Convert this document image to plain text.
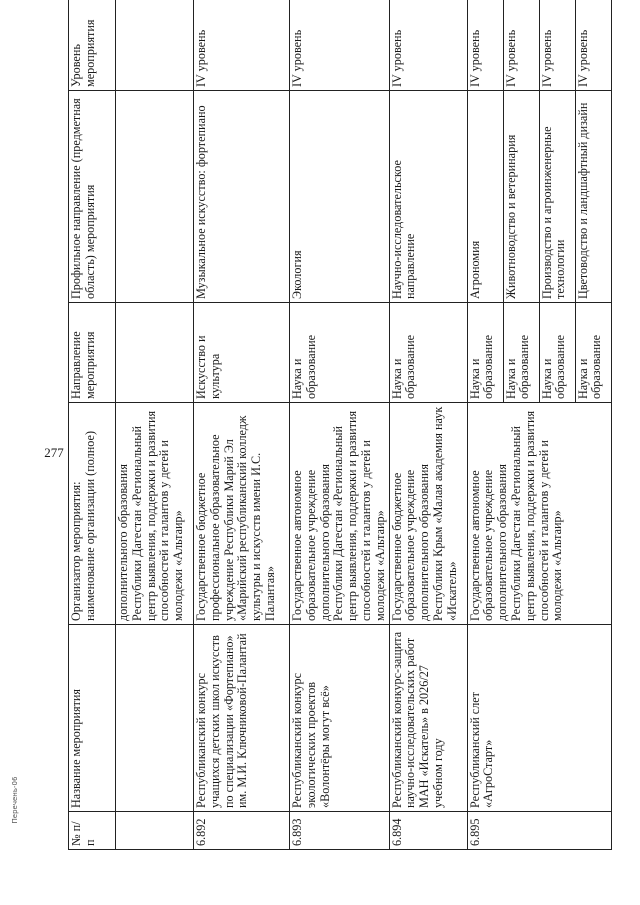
277
Перечень-06
№ п/п	Название мероприятия	Организатор мероприятия: наименование организации (полное)	Направление мероприятия	Профильное направление (предметная область) мероприятия	Уровень мероприятия
		дополнительного образования Республики Дагестан «Региональный центр выявления, поддержки и развития способностей и талантов у детей и молодежи «Альтаир»			
6.892	Республиканский конкурс учащихся детских школ искусств по специализации «Фортепиано» им. М.И. Ключниковой-Палантай	Государственное бюджетное профессиональное образовательное учреждение Республики Марий Эл «Марийский республиканский колледж культуры и искусств имени И.С. Палантая»	Искусство и культура	Музыкальное искусство: фортепиано	IV уровень
6.893	Республиканский конкурс экологических проектов «Волонтёры могут всё»	Государственное автономное образовательное учреждение дополнительного образования Республики Дагестан «Региональный центр выявления, поддержки и развития способностей и талантов у детей и молодежи «Альтаир»	Наука и образование	Экология	IV уровень
6.894	Республиканский конкурс-защита научно-исследовательских работ МАН «Искатель» в 2026/27 учебном году	Государственное бюджетное образовательное учреждение дополнительного образования Республики Крым «Малая академия наук «Искатель»	Наука и образование	Научно-исследовательское направление	IV уровень
6.895	Республиканский слет «АгроСтарт»	Государственное автономное образовательное учреждение дополнительного образования Республики Дагестан «Региональный центр выявления, поддержки и развития способностей и талантов у детей и молодежи «Альтаир»	Наука и образование	Агрономия	IV уровень
			Наука и образование	Животноводство и ветеринария	IV уровень
			Наука и образование	Производство и агроинженерные технологии	IV уровень
			Наука и образование	Цветоводство и ландшафтный дизайн	IV уровень
